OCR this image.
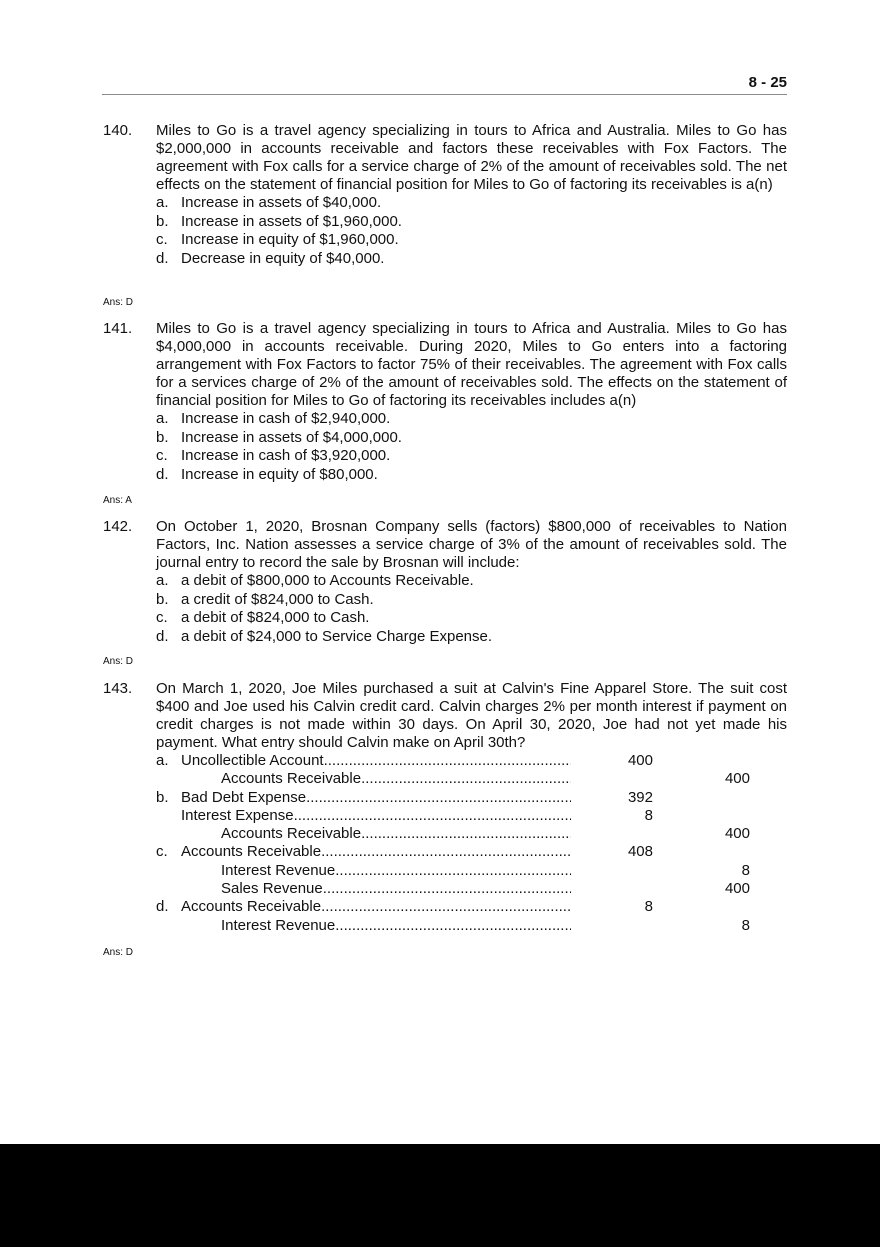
8 - 25
140. Miles to Go is a travel agency specializing in tours to Africa and Australia. Miles to Go has $2,000,000 in accounts receivable and factors these receivables with Fox Factors. The agreement with Fox calls for a service charge of 2% of the amount of receivables sold. The net effects on the statement of financial position for Miles to Go of factoring its receivables is a(n)
a. Increase in assets of $40,000.
b. Increase in assets of $1,960,000.
c. Increase in equity of $1,960,000.
d. Decrease in equity of $40,000.
Ans: D
141. Miles to Go is a travel agency specializing in tours to Africa and Australia. Miles to Go has $4,000,000 in accounts receivable. During 2020, Miles to Go enters into a factoring arrangement with Fox Factors to factor 75% of their receivables. The agreement with Fox calls for a services charge of 2% of the amount of receivables sold. The effects on the statement of financial position for Miles to Go of factoring its receivables includes a(n)
a. Increase in cash of $2,940,000.
b. Increase in assets of $4,000,000.
c. Increase in cash of $3,920,000.
d. Increase in equity of $80,000.
Ans: A
142. On October 1, 2020, Brosnan Company sells (factors) $800,000 of receivables to Nation Factors, Inc. Nation assesses a service charge of 3% of the amount of receivables sold. The journal entry to record the sale by Brosnan will include:
a. a debit of $800,000 to Accounts Receivable.
b. a credit of $824,000 to Cash.
c. a debit of $824,000 to Cash.
d. a debit of $24,000 to Service Charge Expense.
Ans: D
143. On March 1, 2020, Joe Miles purchased a suit at Calvin's Fine Apparel Store. The suit cost $400 and Joe used his Calvin credit card. Calvin charges 2% per month interest if payment on credit charges is not made within 30 days. On April 30, 2020, Joe had not yet made his payment. What entry should Calvin make on April 30th?
a. Uncollectible Account .....	400
Accounts Receivable .....	400
b. Bad Debt Expense .....	392
Interest Expense .....	8
Accounts Receivable .....	400
c. Accounts Receivable .....	408
Interest Revenue .....	8
Sales Revenue .....	400
d. Accounts Receivable .....	8
Interest Revenue .....	8
Ans: D
